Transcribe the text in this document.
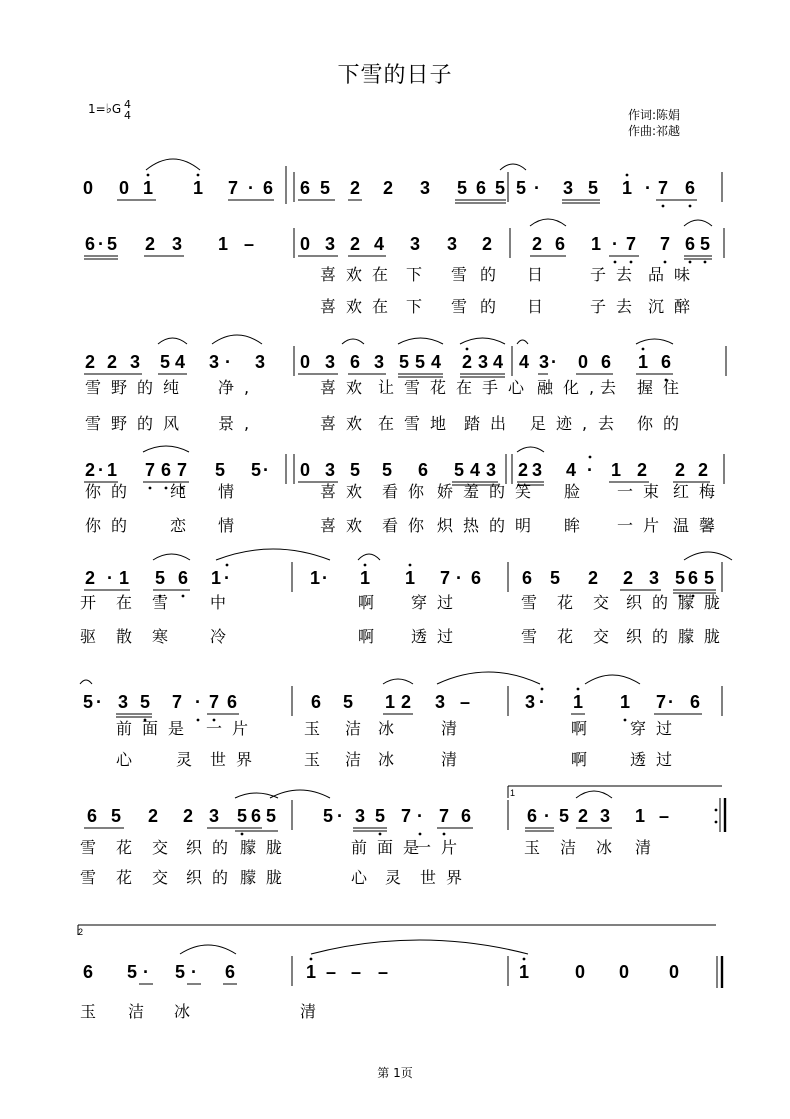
下雪的日子
1=♭G 4
4	作词:陈娟
作曲:祁越
0 0 1 1 7 · 6 6 5 2 2 3 5 6 5 5 · 3 5 1 · 7 6
6 · 5 2 3 1 –	0 3 2 4 3 3 2 2 6 1 · 7 7 6 5
2 2 3 5 4 3 · 3 0 3 6 3 5 5 4 2 3 4 4 3 · 0 6 1 6
2 · 1 7 6 7 5 5 · 0 3 5 5 6 5 4 3 2 3 4 · 1 2 2 2
2 · 1 5 6 1 ·	1 · 1 1 7 · 6 6 5 2 2 3 5 6 5
5 · 3 5 7 · 7 6	6 5 1 2 3 –	3 · 1 1 7 · 6
6 5 2 2 3 5 6 5	5 · 3 5 7 · 7 6	6 · 5 2 3 1 –
6 5 · 5 · 6	1 – – –	1	0 0 0
喜欢在 下 雪 的 日	子去 品味
喜欢在 下 雪 的 日	子去 沉醉
雪野的纯 净,	喜欢 让雪花在手心 融化,
去 握住
雪野的风 景,	喜欢 在雪地 踏出 足迹, 去 你的
你的 纯 情	喜欢 看你 娇羞的笑 脸 一束 红梅
你的 恋 情	喜欢 看你 炽热的明 眸 一片 温馨
开 在 雪	中	啊 穿过	雪 花 交 织的 朦胧
驱 散 寒	冷	啊 透过	雪 花 交 织的 朦胧
前面是 一片	玉 洁 冰	清	啊	穿过
心	灵 世界	玉 洁 冰	清	啊	透过
雪 花 交 织的 朦胧	前面是
一片	玉 洁 冰 清
雪 花 交 织的 朦胧	心 灵 世界
玉 洁 冰	清
1
2
第 1页
